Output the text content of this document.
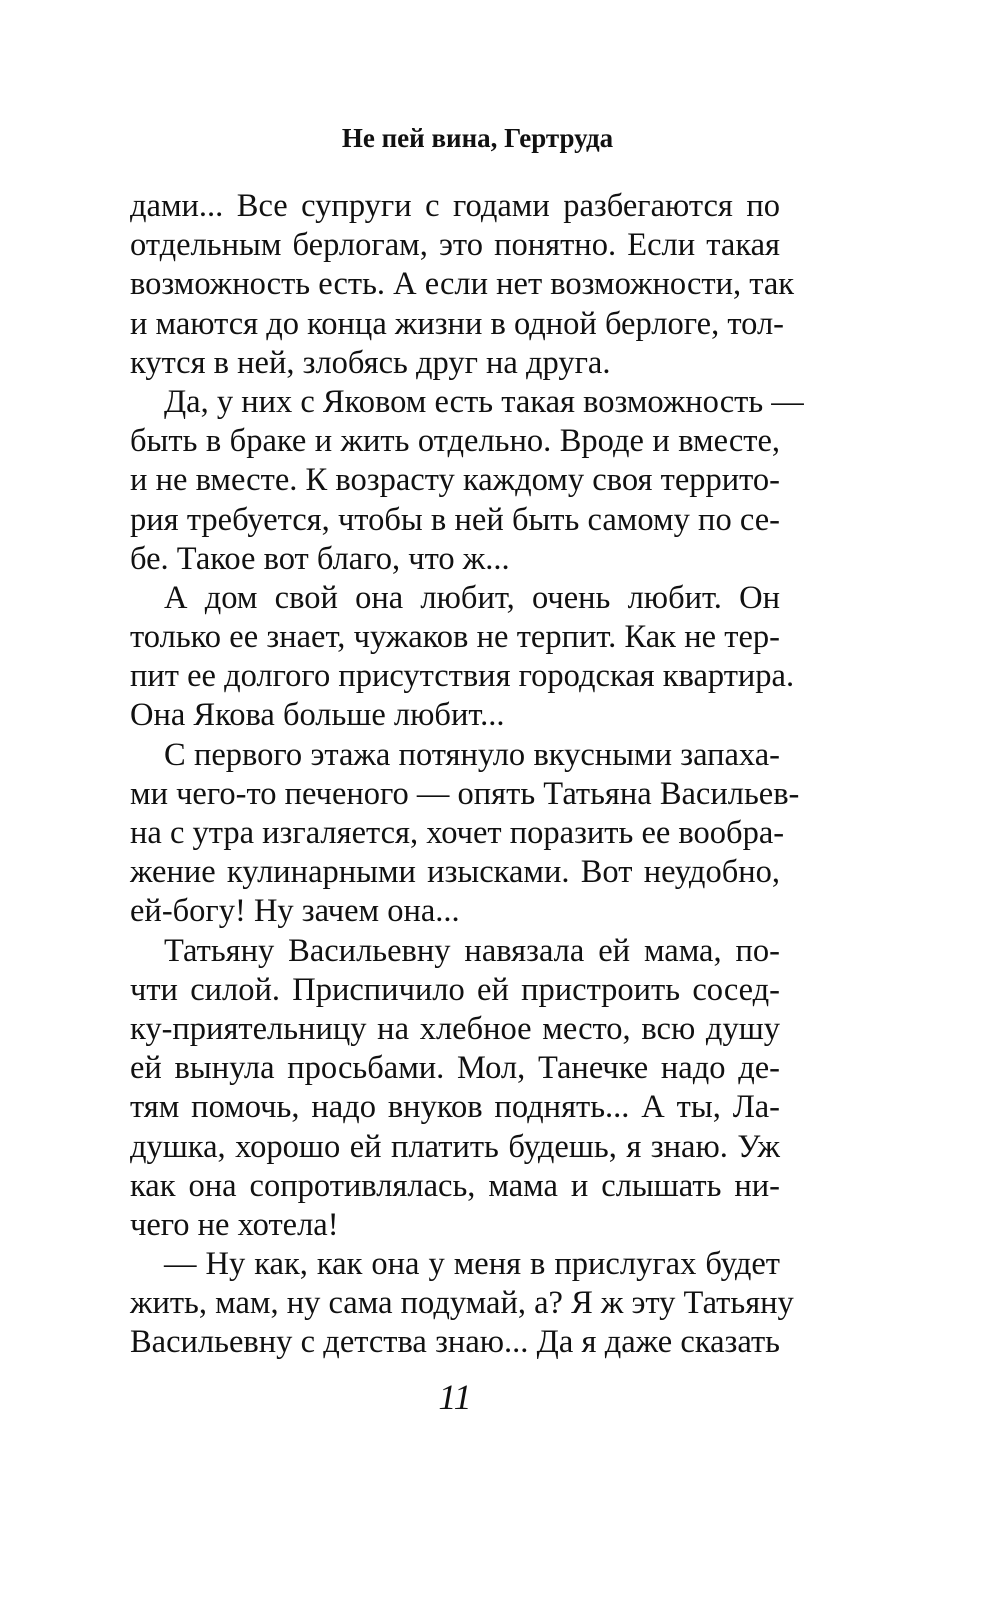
Не пей вина, Гертруда
дами... Все супруги с годами разбегаются по
отдельным берлогам, это понятно. Если такая
возможность есть. А если нет возможности, так
и маются до конца жизни в одной берлоге, тол-
кутся в ней, злобясь друг на друга.
Да, у них с Яковом есть такая возможность —
быть в браке и жить отдельно. Вроде и вместе,
и не вместе. К возрасту каждому своя террито-
рия требуется, чтобы в ней быть самому по се-
бе. Такое вот благо, что ж...
А дом свой она любит, очень любит. Он
только ее знает, чужаков не терпит. Как не тер-
пит ее долгого присутствия городская квартира.
Она Якова больше любит...
С первого этажа потянуло вкусными запаха-
ми чего-то печеного — опять Татьяна Васильев-
на с утра изгаляется, хочет поразить ее вообра-
жение кулинарными изысками. Вот неудобно,
ей-богу! Ну зачем она...
Татьяну Васильевну навязала ей мама, по-
чти силой. Приспичило ей пристроить сосед-
ку-приятельницу на хлебное место, всю душу
ей вынула просьбами. Мол, Танечке надо де-
тям помочь, надо внуков поднять... А ты, Ла-
душка, хорошо ей платить будешь, я знаю. Уж
как она сопротивлялась, мама и слышать ни-
чего не хотела!
— Ну как, как она у меня в прислугах будет
жить, мам, ну сама подумай, а? Я ж эту Татьяну
Васильевну с детства знаю... Да я даже сказать
11
